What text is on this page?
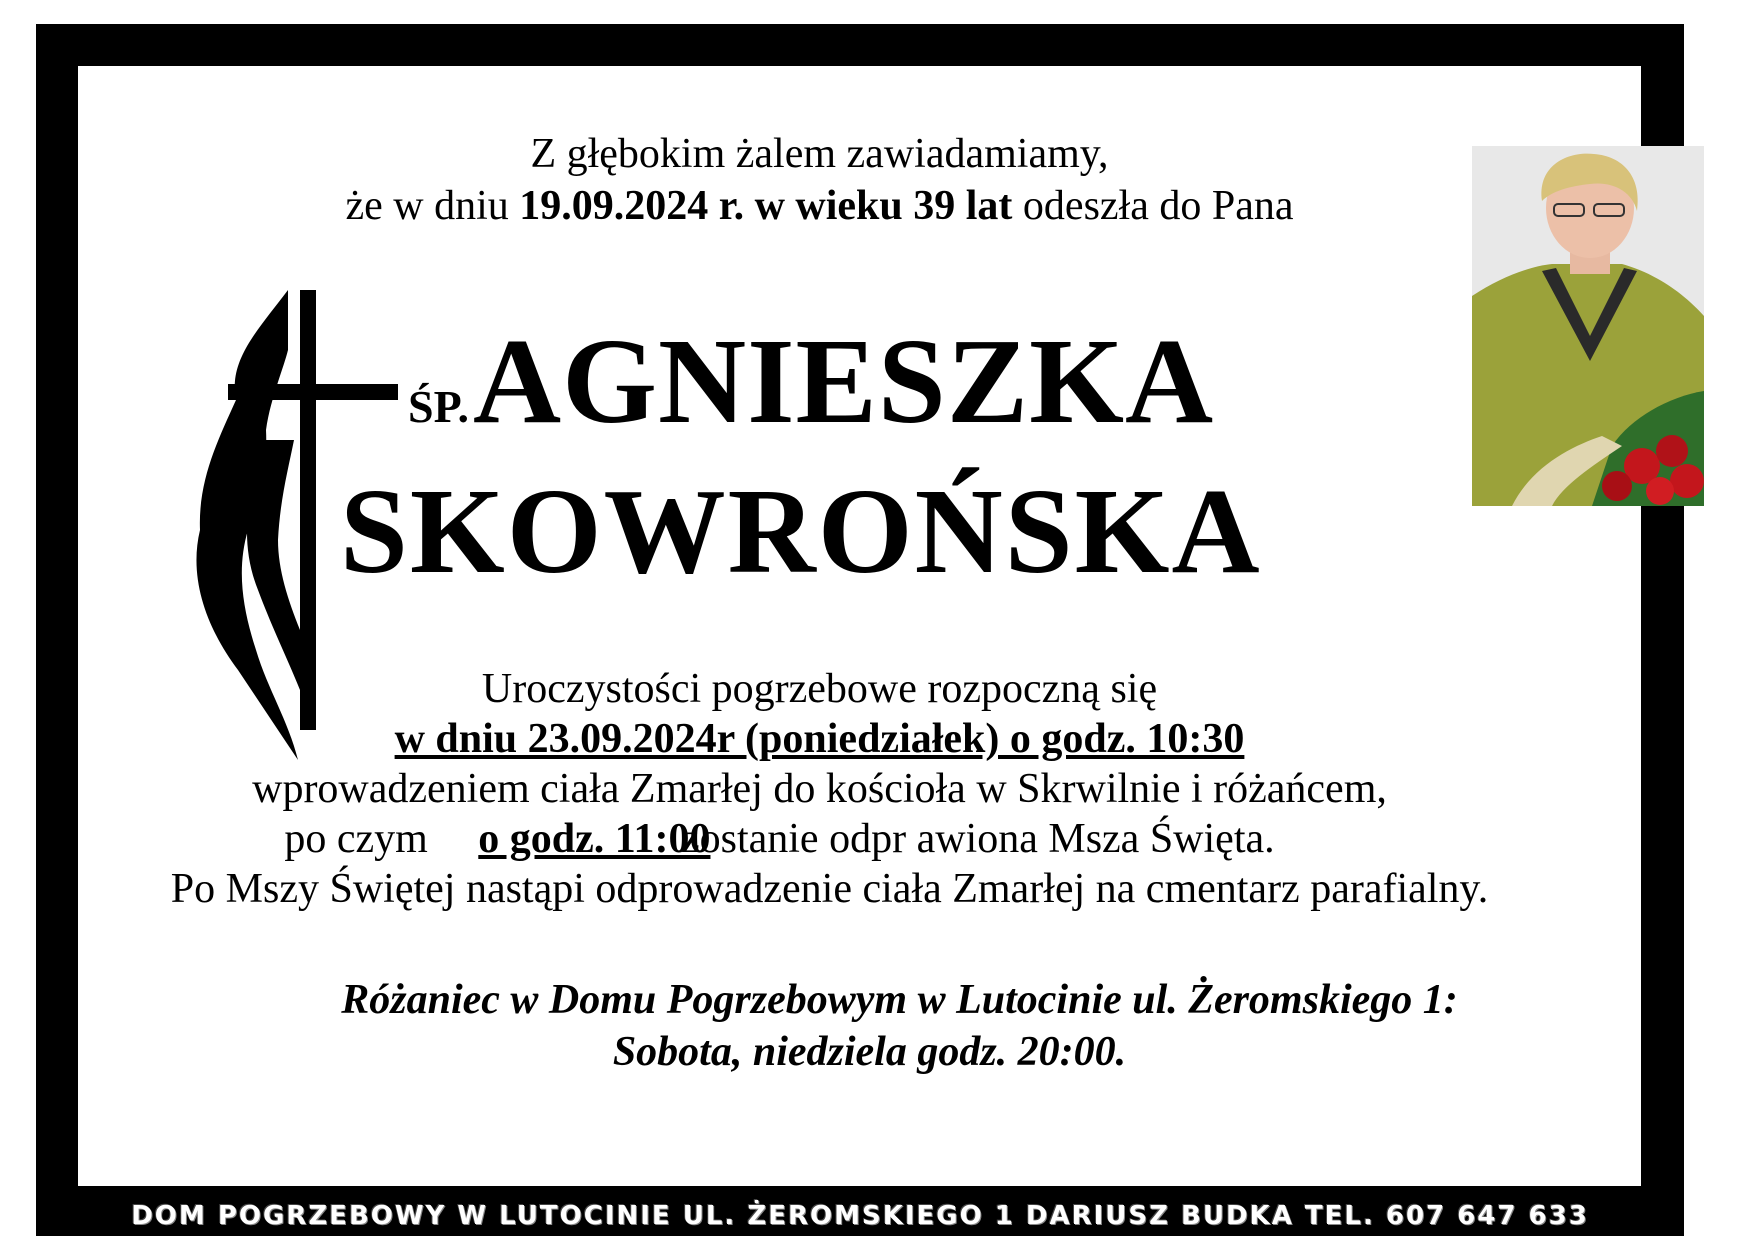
Z głębokim żalem zawiadamiamy,
że w dniu 19.09.2024 r. w wieku 39 lat odeszła do Pana
ŚP. AGNIESZKA
SKOWROŃSKA
Uroczystości pogrzebowe rozpoczną się
w dniu 23.09.2024r (poniedziałek) o godz. 10:30
wprowadzeniem ciała Zmarłej do kościoła w Skrwilnie i różańcem,
po czym o godz. 11:00 zostanie odpr awiona Msza Święta.
Po Mszy Świętej nastąpi odprowadzenie ciała Zmarłej na cmentarz parafialny.
Różaniec w Domu Pogrzebowym w Lutocinie ul. Żeromskiego 1:
Sobota, niedziela godz. 20:00.
DOM POGRZEBOWY W LUTOCINIE UL. ŻEROMSKIEGO 1 DARIUSZ BUDKA TEL. 607 647 633
